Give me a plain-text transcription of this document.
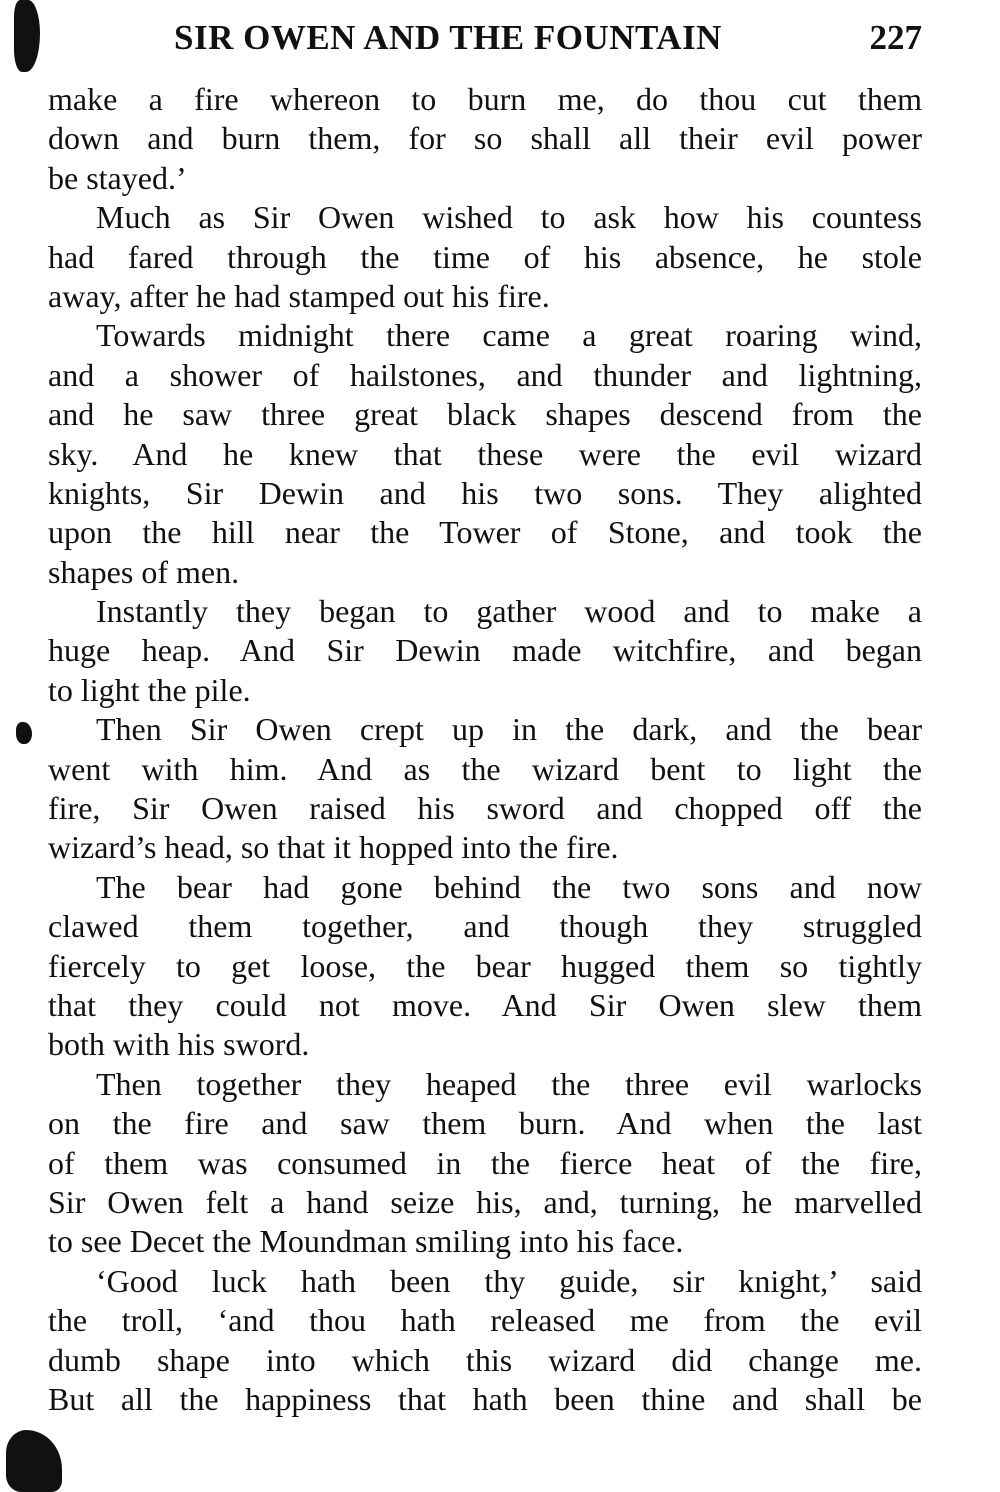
SIR OWEN AND THE FOUNTAIN	227
make a fire whereon to burn me, do thou cut them
down and burn them, for so shall all their evil power
be stayed.’
Much as Sir Owen wished to ask how his countess
had fared through the time of his absence, he stole
away, after he had stamped out his fire.
Towards midnight there came a great roaring wind,
and a shower of hailstones, and thunder and lightning,
and he saw three great black shapes descend from the
sky. And he knew that these were the evil wizard
knights, Sir Dewin and his two sons. They alighted
upon the hill near the Tower of Stone, and took the
shapes of men.
Instantly they began to gather wood and to make a
huge heap. And Sir Dewin made witchfire, and began
to light the pile.
Then Sir Owen crept up in the dark, and the bear
went with him. And as the wizard bent to light the
fire, Sir Owen raised his sword and chopped off the
wizard’s head, so that it hopped into the fire.
The bear had gone behind the two sons and now
clawed them together, and though they struggled
fiercely to get loose, the bear hugged them so tightly
that they could not move. And Sir Owen slew them
both with his sword.
Then together they heaped the three evil warlocks
on the fire and saw them burn. And when the last
of them was consumed in the fierce heat of the fire,
Sir Owen felt a hand seize his, and, turning, he marvelled
to see Decet the Moundman smiling into his face.
‘Good luck hath been thy guide, sir knight,’ said
the troll, ‘and thou hath released me from the evil
dumb shape into which this wizard did change me.
But all the happiness that hath been thine and shall be
